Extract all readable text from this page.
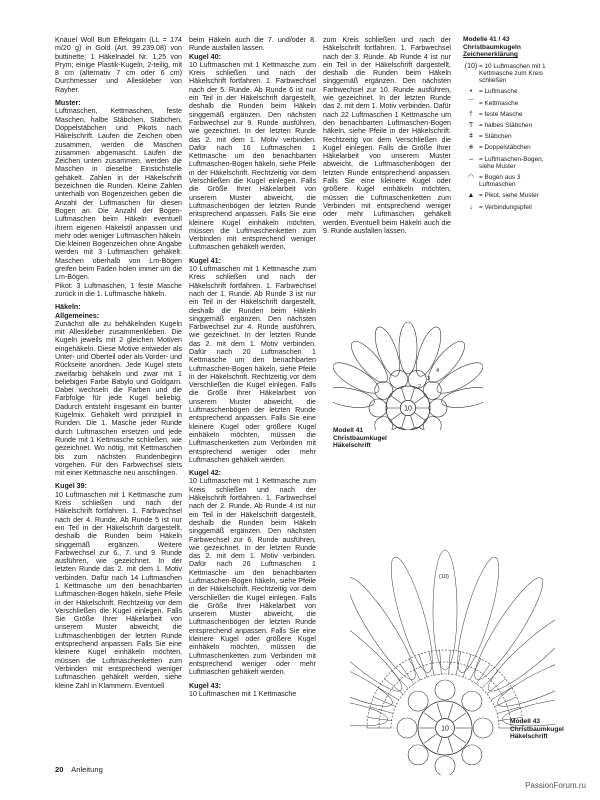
Knäuel Woll Butt Effektgarn (LL = 174 m/20 g) in Gold (Art. 99.239.08) von buttinette; 1 Häkelnadel Nr. 1,25 von Prym; einige Plastik-Kugeln, 2-teilig, mit 8 cm (alternativ 7 cm oder 6 cm) Durchmesser und Alleskleber von Rayher.

Muster:

Luftmaschen, Kettmaschen, feste Maschen, halbe Stäbchen, Stäbchen, Doppelstäbchen und Pikots nach Häkelschrift. Laufen die Zeichen oben zusammen, werden die Maschen zusammen abgemascht. Laufen die Zeichen unten zusammen, werden die Maschen in dieselbe Einstichstelle gehäkelt. Zahlen in der Häkelschrift bezeichnen die Runden. Kleine Zahlen unterhalb von Bogenzeichen geben die Anzahl der Luftmaschen für diesen Bogen an. Die Anzahl der Bogen-Luftmaschen beim Häkeln eventuell ihrem eigenen Häkelstil anpassen und mehr oder weniger Luftmaschen häkeln. Die kleinen Bogenzeichen ohne Angabe werden mit 3 Luftmaschen gehäkelt. Maschen oberhalb von Lm-Bögen greifen beim Faden holen immer um die Lm-Bögen.

Pikot: 3 Luftmaschen, 1 feste Masche zurück in die 1. Luftmasche häkeln.

Häkeln:

Allgemeines:

Zunächst alle zu behäkelnden Kugeln mit Alleskleber zusammenkleben. Die Kugeln jeweils mit 2 gleichen Motiven eingehäkeln. Diese Motive entweder als Unter- und Oberteil oder als Vorder- und Rückseite anordnen. Jede Kugel stets zweifarbig behäkeln und zwar mit 1 beliebigen Farbe Babylo und Goldgarn. Dabei wechseln die Farben und die Farbfolge für jede Kugel beliebig. Dadurch entsteht insgesamt ein bunter Kugelmix. Gehäkelt wird prinzipiell in Runden. Die 1. Masche jeder Runde durch Luftmaschen ersetzen und jede Runde mit 1 Kettmasche schließen, wie gezeichnet. Wo nötig, mit Kettmaschen bis zum nächsten Rundenbeginn vorgehen. Für den Farbwechsel stets mit einer Kettmasche neu anschlingen.

Kugel 39:

10 Luftmaschen mit 1 Kettmasche zum Kreis schließen und nach der Häkelschrift fortfahren. 1. Farbwechsel nach der 4. Runde. Ab Runde 5 ist nur ein Teil in der Häkelschrift dargestellt, deshalb die Runden beim Häkeln singgemäß ergänzen. Weitere Farbwechsel zur 6., 7. und 9. Runde ausführen, wie gezeichnet. In der letzten Runde das 2. mit dem 1. Motiv verbinden. Dafür nach 14 Luftmaschen 1 Kettmasche um den benachbarten Luftmaschen-Bogen häkeln, siehe Pfeile in der Häkelschrift. Rechtzeitig vor dem Verschließen die Kugel einlegen. Falls Sie Größe Ihrer Häkelarbeit von unserem Muster abweicht, die Luftmaschenbögen der letzten Runde entsprechend anpassen. Falls Sie eine kleinere Kugel einhäkeln möchten, müssen die Luftmaschenketten zum Verbinden mit entsprechend weniger Luftmaschen gehäkelt werden, siehe kleine Zahl in Klammern. Eventuell

beim Häkeln auch die 7. und/oder 8. Runde ausfallen lassen.

Kugel 40:

10 Luftmaschen mit 1 Kettmasche zum Kreis schließen und nach der Häkelschrift fortfahren. 1. Farbwechsel nach der 5. Runde. Ab Runde 6 ist nur ein Teil in der Häkelschrift dargestellt, deshalb die Runden beim Häkeln singgemäß ergänzen. Den nächsten Farbwechsel zur 9. Runde ausführen, wie gezeichnet. In der letzten Runde das 2. mit dem 1. Motiv verbinden. Dafür nach 16 Luftmaschen 1 Kettmasche um den benachbarten Luftmaschen-Bogen häkeln, siehe Pfeile in der Häkelschrift. Rechtzeitig vor dem Verschließen die Kugel einlegen. Falls die Größe Ihrer Häkelarbeit von unserem Muster abweicht, die Luftmaschenbögen der letzten Runde entsprechend anpassen. Falls Sie eine kleinere Kugel einhäkeln möchten, müssen die Luftmaschenketten zum Verbinden mit entsprechend weniger Luftmaschen gehäkelt werden.

Kugel 41:

10 Luftmaschen mit 1 Kettmasche zum Kreis schließen und nach der Häkelschrift fortfahren. 1. Farbwechsel nach der 1. Runde. Ab Runde 3 ist nur ein Teil in der Häkelschrift dargestellt, deshalb die Runden beim Häkeln singgemäß ergänzen. Den nächsten Farbwechsel zur 4. Runde ausführen, wie gezeichnet. In der letzten Runde das 2. mit dem 1. Motiv verbinden. Dafür nach 20 Luftmaschen 1 Kettmasche um den benachbarten Luftmaschen-Bogen häkeln, siehe Pfeile in der Häkelschrift. Rechtzeitig vor dem Verschließen die Kugel einlegen. Falls die Größe Ihrer Häkelarbeit von unserem Muster abweicht, die Luftmaschenbögen der letzten Runde entsprechend anpassen. Falls Sie eine kleinere Kugel oder größere Kugel einhäkeln möchten, müssen die Luftmaschenketten zum Verbinden mit entsprechend weniger oder mehr Luftmaschen gehäkelt werden.

Kugel 42:

10 Luftmaschen mit 1 Kettmasche zum Kreis schließen und nach der Häkelschrift fortfahren. 1. Farbwechsel nach der 2. Runde. Ab Runde 4 ist nur ein Teil in der Häkelschrift dargestellt, deshalb die Runden beim Häkeln singgemäß ergänzen. Den nächsten Farbwechsel zur 6. Runde ausführen, wie gezeichnet. In der letzten Runde das 2. mit dem 1. Motiv verbinden. Dafür nach 26 Luftmaschen 1 Kettmasche um den benachbarten Luftmaschen-Bogen häkeln, siehe Pfeile in der Häkelschrift. Rechtzeitig vor dem Verschließen die Kugel einlegen. Falls die Größe Ihrer Häkelarbeit von unserem Muster abweicht, die Luftmaschenbögen der letzten Runde entsprechend anpassen. Falls Sie eine kleinere Kugel oder größere Kugel einhäkeln möchten, müssen die Luftmaschenketten zum Verbinden mit entsprechend weniger oder mehr Luftmaschen gehäkelt werden.

Kugel 43:

10 Luftmaschen mit 1 Kettmasche

zum Kreis schließen und nach der Häkelschrift fortfahren. 1. Farbwechsel nach der 3. Runde. Ab Runde 4 ist nur ein Teil in der Häkelschrift dargestellt, deshalb die Runden beim Häkeln singgemäß ergänzen. Den nächsten Farbwechsel zur 10. Runde ausführen, wie gezeichnet. In der letzten Runde das 2. mit dem 1. Motiv verbinden. Dafür nach 22 Luftmaschen 1 Kettmasche um den benachbarten Luftmaschen-Bogen häkeln, siehe Pfeile in der Häkelschrift. Rechtzeitig vor dem Verschließen die Kugel einlegen. Falls die Größe Ihrer Häkelarbeit von unserem Muster abweicht, die Luftmaschenbögen der letzten Runde entsprechend anpassen. Falls Sie eine kleinere Kugel oder größere Kugel einhäkeln möchten, müssen die Luftmaschenketten zum Verbinden mit entsprechend weniger oder mehr Luftmaschen gehäkelt werden. Eventuell beim Häkeln auch die 9. Runde ausfallen lassen.

Modelle 41 / 43
Christbaumkugeln
Zeichenerklärung
(10) = 10 Luftmaschen mit 1 Kettmasche zum Kreis schließen
•	= Luftmasche
⌒ = Kettmasche
† = feste Masche
T = halbes Stäbchen
ǂ = Stäbchen
⧺ = Doppelstäbchen
⌢ = Luftmaschen-Bogen, siehe Muster
◠ = Bogen aus 3 Luftmaschen
▲ = Pikot, siehe Muster
↓ = Verbindungspfeil
10
2
3
4
Modell 41
Christbaumkugel
Häkelschrift
10
(10)
Modell 43
Christbaumkugel
Häkelschrift
20 Anleitung
PassionForum.ru
